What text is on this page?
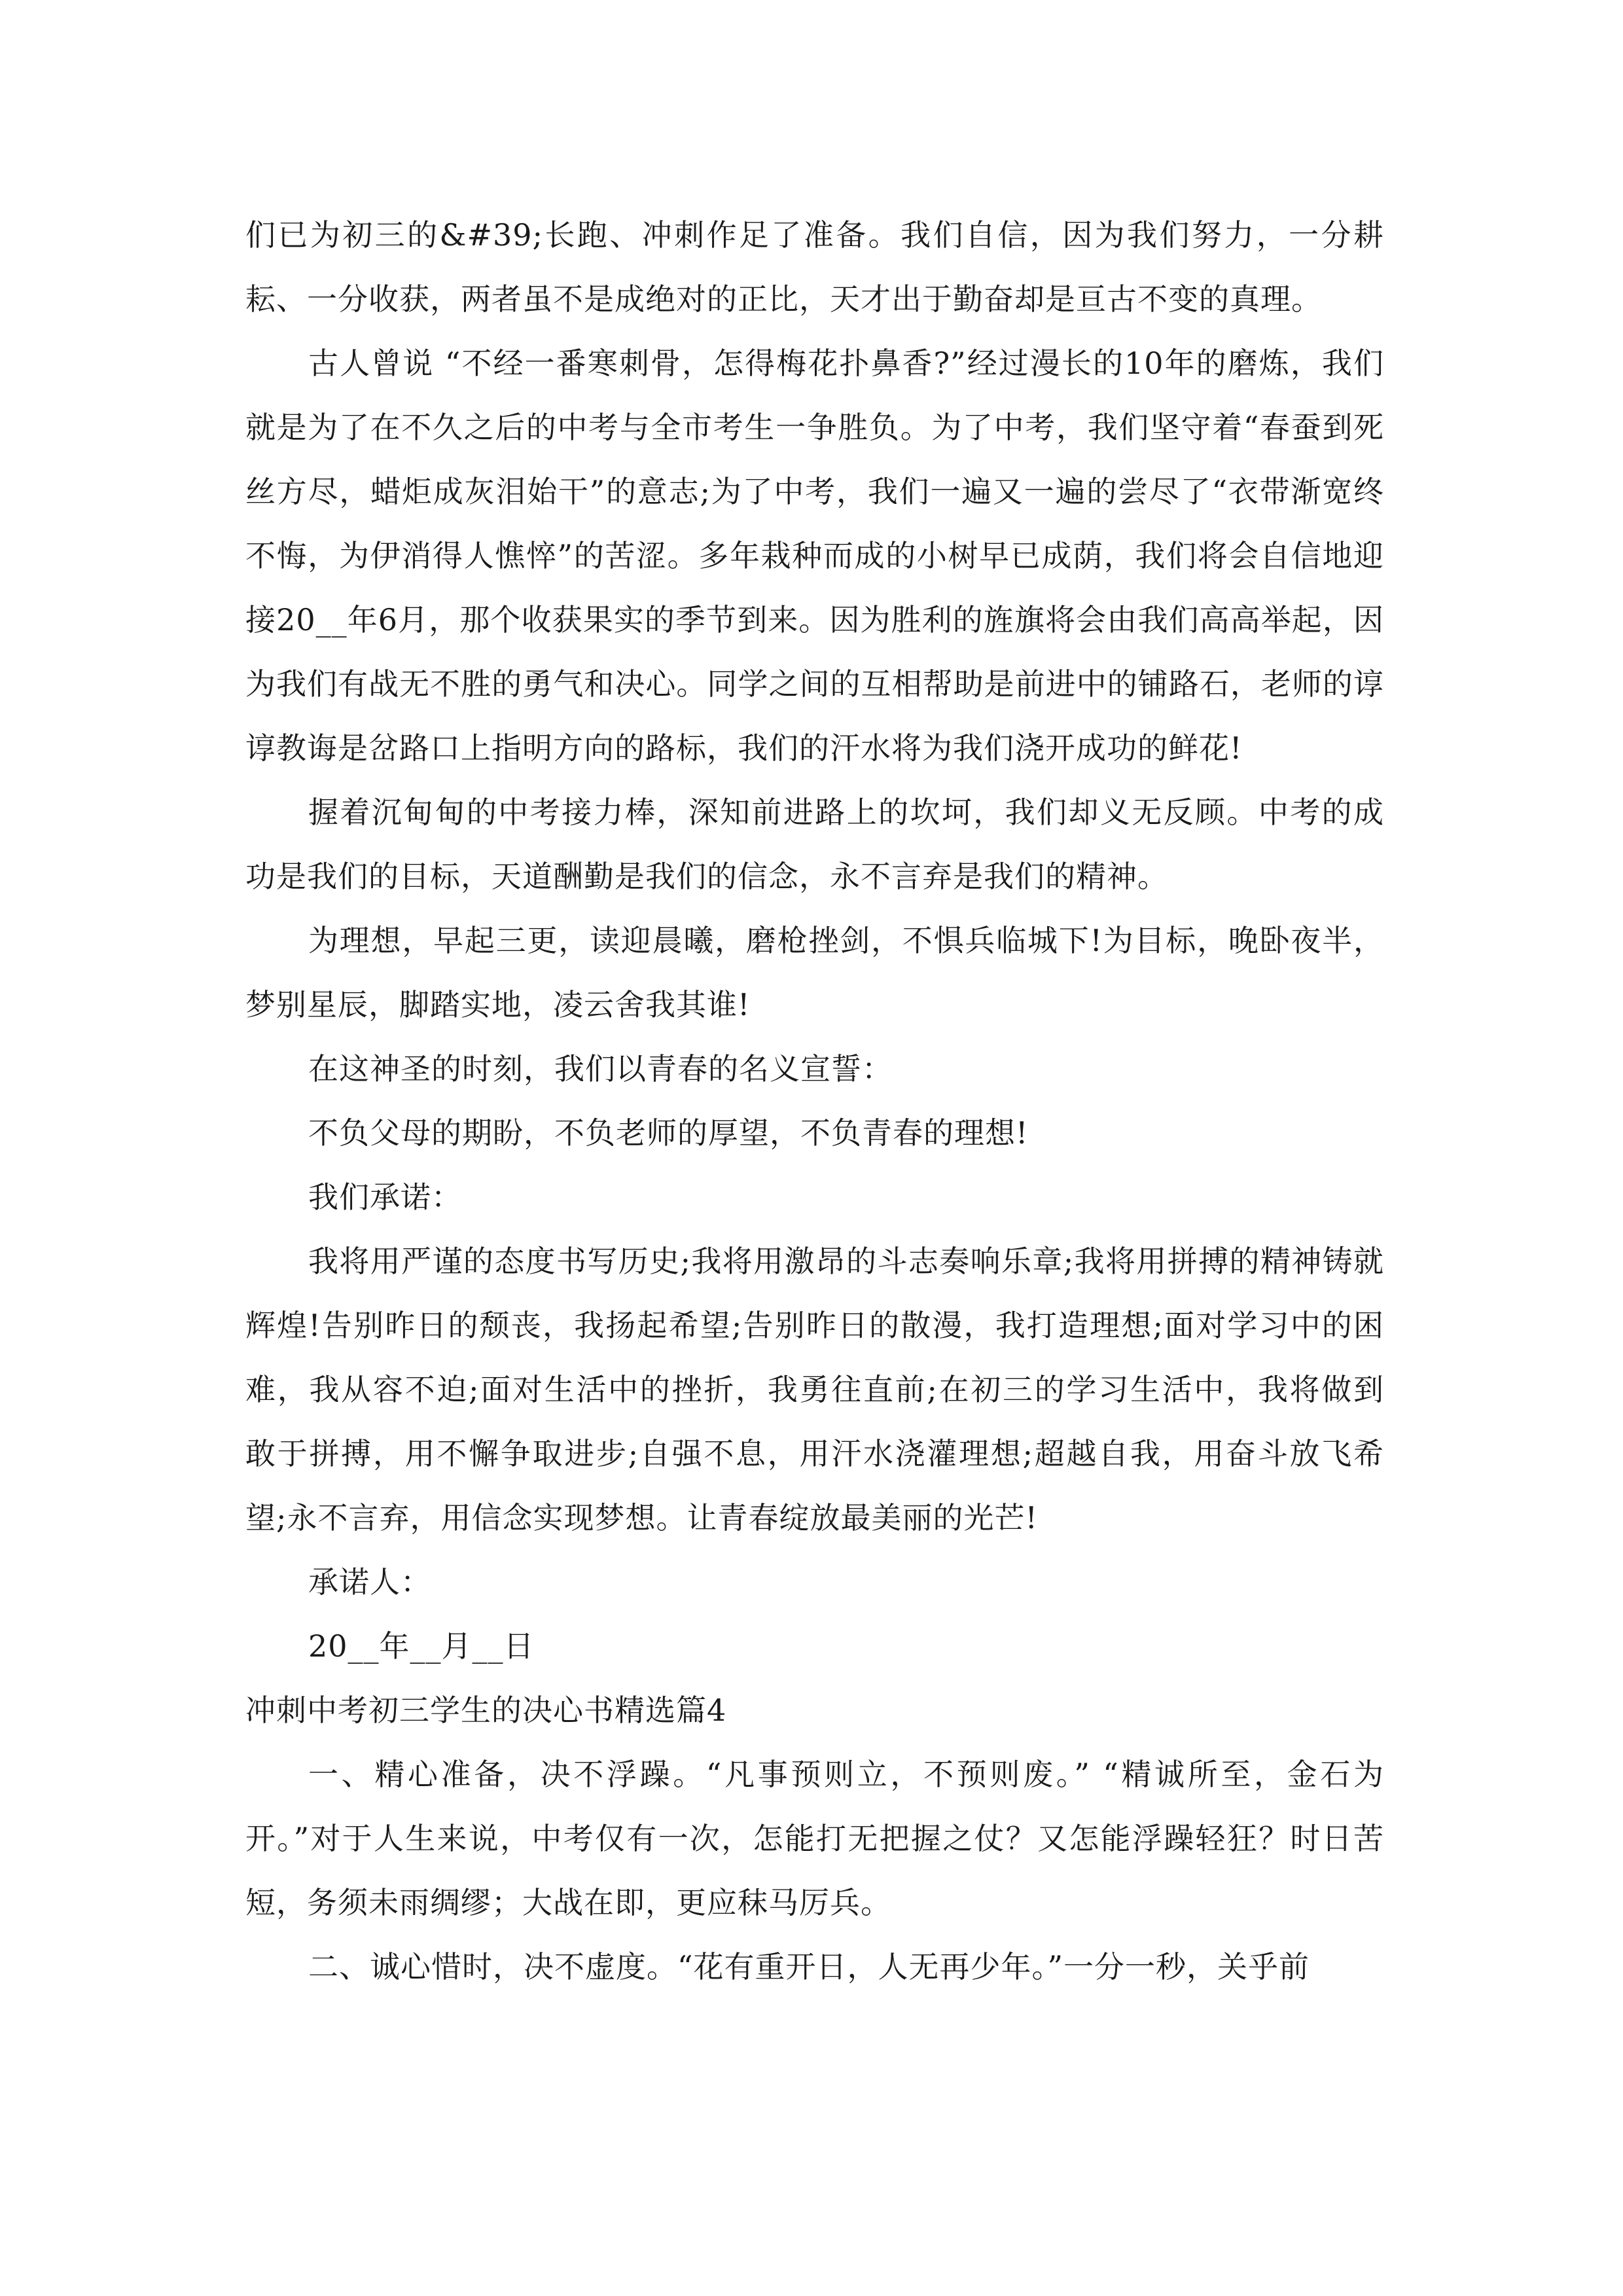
们已为初三的&#39;长跑、冲刺作足了准备。我们自信，因为我们努力，一分耕耘、一分收获，两者虽不是成绝对的正比，天才出于勤奋却是亘古不变的真理。

古人曾说 “不经一番寒刺骨，怎得梅花扑鼻香?”经过漫长的10年的磨炼，我们就是为了在不久之后的中考与全市考生一争胜负。为了中考，我们坚守着“春蚕到死丝方尽，蜡炬成灰泪始干”的意志;为了中考，我们一遍又一遍的尝尽了“衣带渐宽终不悔，为伊消得人憔悴”的苦涩。多年栽种而成的小树早已成荫，我们将会自信地迎接20__年6月，那个收获果实的季节到来。因为胜利的旌旗将会由我们高高举起，因为我们有战无不胜的勇气和决心。同学之间的互相帮助是前进中的铺路石，老师的谆谆教诲是岔路口上指明方向的路标，我们的汗水将为我们浇开成功的鲜花!

握着沉甸甸的中考接力棒，深知前进路上的坎坷，我们却义无反顾。中考的成功是我们的目标，天道酬勤是我们的信念，永不言弃是我们的精神。

为理想，早起三更，读迎晨曦，磨枪挫剑，不惧兵临城下!为目标，晚卧夜半，梦别星辰，脚踏实地，凌云舍我其谁!

在这神圣的时刻，我们以青春的名义宣誓：

不负父母的期盼，不负老师的厚望，不负青春的理想!

我们承诺：

我将用严谨的态度书写历史;我将用激昂的斗志奏响乐章;我将用拼搏的精神铸就辉煌!告别昨日的颓丧，我扬起希望;告别昨日的散漫，我打造理想;面对学习中的困难，我从容不迫;面对生活中的挫折，我勇往直前;在初三的学习生活中，我将做到 敢于拼搏，用不懈争取进步;自强不息，用汗水浇灌理想;超越自我，用奋斗放飞希望;永不言弃，用信念实现梦想。让青春绽放最美丽的光芒!

承诺人：

20__年__月__日

冲刺中考初三学生的决心书精选篇4

一、精心准备，决不浮躁。“凡事预则立，不预则废。” “精诚所至，金石为开。”对于人生来说，中考仅有一次，怎能打无把握之仗？又怎能浮躁轻狂？时日苦短，务须未雨绸缪；大战在即，更应秣马厉兵。

二、诚心惜时，决不虚度。“花有重开日，人无再少年。”一分一秒，关乎前
